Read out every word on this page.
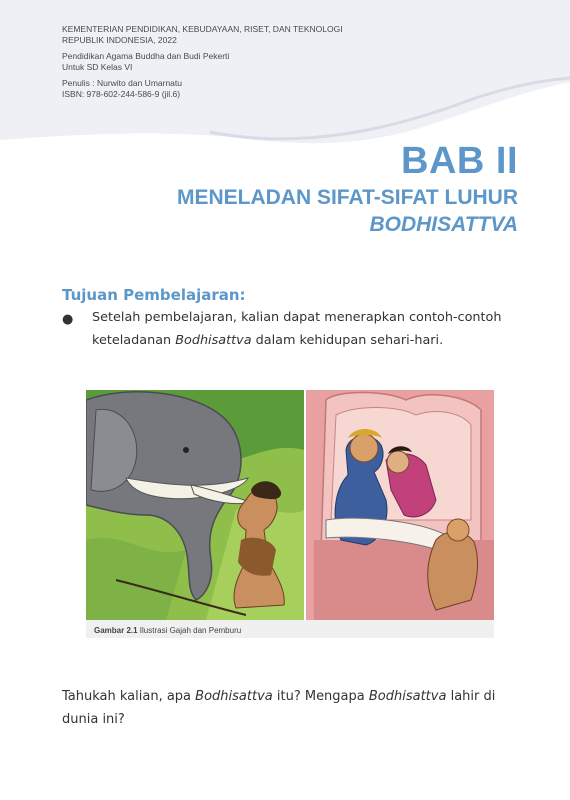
KEMENTERIAN PENDIDIKAN, KEBUDAYAAN, RISET, DAN TEKNOLOGI
REPUBLIK INDONESIA, 2022
Pendidikan Agama Buddha dan Budi Pekerti
Untuk SD Kelas VI
Penulis : Nurwito dan Umarnatu
ISBN: 978-602-244-586-9 (jil.6)
BAB II
MENELADAN SIFAT-SIFAT LUHUR
BODHISATTVA
Tujuan Pembelajaran:
● Setelah pembelajaran, kalian dapat menerapkan contoh-contoh keteladanan Bodhisattva dalam kehidupan sehari-hari.
Gambar 2.1 Ilustrasi Gajah dan Pemburu
Tahukah kalian, apa Bodhisattva itu? Mengapa Bodhisattva lahir di dunia ini?
